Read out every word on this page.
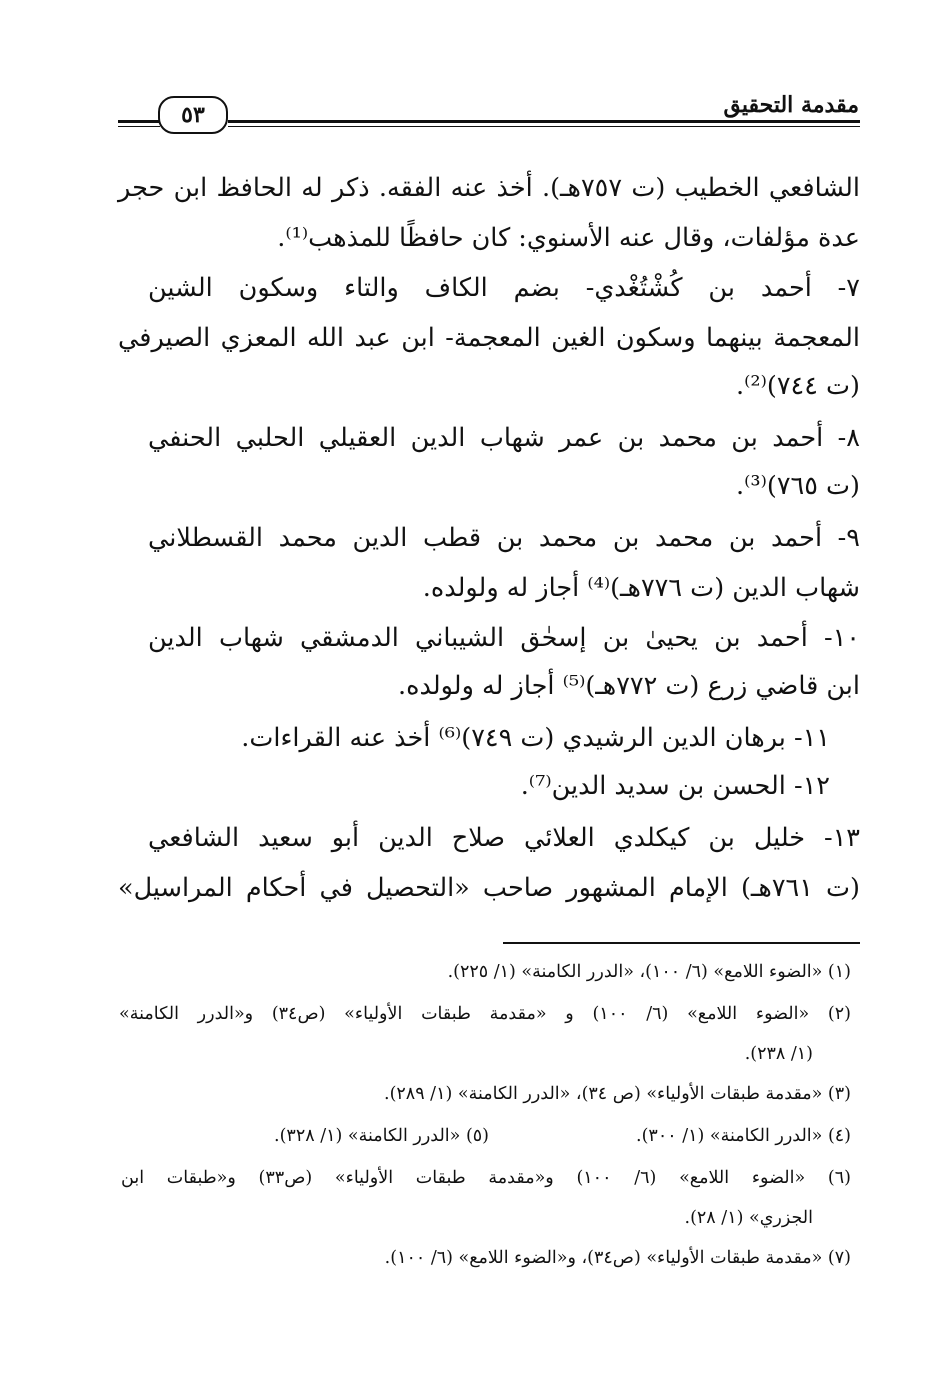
مقدمة التحقيق
٥٣
الشافعي الخطيب (ت ٧٥٧هـ). أخذ عنه الفقه. ذكر له الحافظ ابن حجر
عدة مؤلفات، وقال عنه الأسنوي: كان حافظًا للمذهب⁽¹⁾.
٧- أحمد بن كُشْتُغْدي- بضم الكاف والتاء وسكون الشين
المعجمة بينهما وسكون الغين المعجمة- ابن عبد الله المعزي الصيرفي
(ت ٧٤٤)⁽²⁾.
٨- أحمد بن محمد بن عمر شهاب الدين العقيلي الحلبي الحنفي
(ت ٧٦٥)⁽³⁾.
٩- أحمد بن محمد بن محمد بن قطب الدين محمد القسطلاني
شهاب الدين (ت ٧٧٦هـ)⁽⁴⁾ أجاز له ولولده.
١٠- أحمد بن يحيىٰ بن إسحٰق الشيباني الدمشقي شهاب الدين
ابن قاضي زرع (ت ٧٧٢هـ)⁽⁵⁾ أجاز له ولولده.
١١- برهان الدين الرشيدي (ت ٧٤٩)⁽⁶⁾ أخذ عنه القراءات.
١٢- الحسن بن سديد الدين⁽⁷⁾.
١٣- خليل بن كيكلدي العلائي صلاح الدين أبو سعيد الشافعي
(ت ٧٦١هـ) الإمام المشهور صاحب «التحصيل في أحكام المراسيل»
(١) «الضوء اللامع» (٦/ ١٠٠)، «الدرر الكامنة» (١/ ٢٢٥).
(٢) «الضوء اللامع» (٦/ ١٠٠) و «مقدمة طبقات الأولياء» (ص٣٤) و«الدرر الكامنة»
(١/ ٢٣٨).
(٣) «مقدمة طبقات الأولياء» (ص ٣٤)، «الدرر الكامنة» (١/ ٢٨٩).
(٤) «الدرر الكامنة» (١/ ٣٠٠).
(٥) «الدرر الكامنة» (١/ ٣٢٨).
(٦) «الضوء اللامع» (٦/ ١٠٠) و«مقدمة طبقات الأولياء» (ص٣٣) و«طبقات ابن
الجزري» (١/ ٢٨).
(٧) «مقدمة طبقات الأولياء» (ص٣٤)، و«الضوء اللامع» (٦/ ١٠٠).
